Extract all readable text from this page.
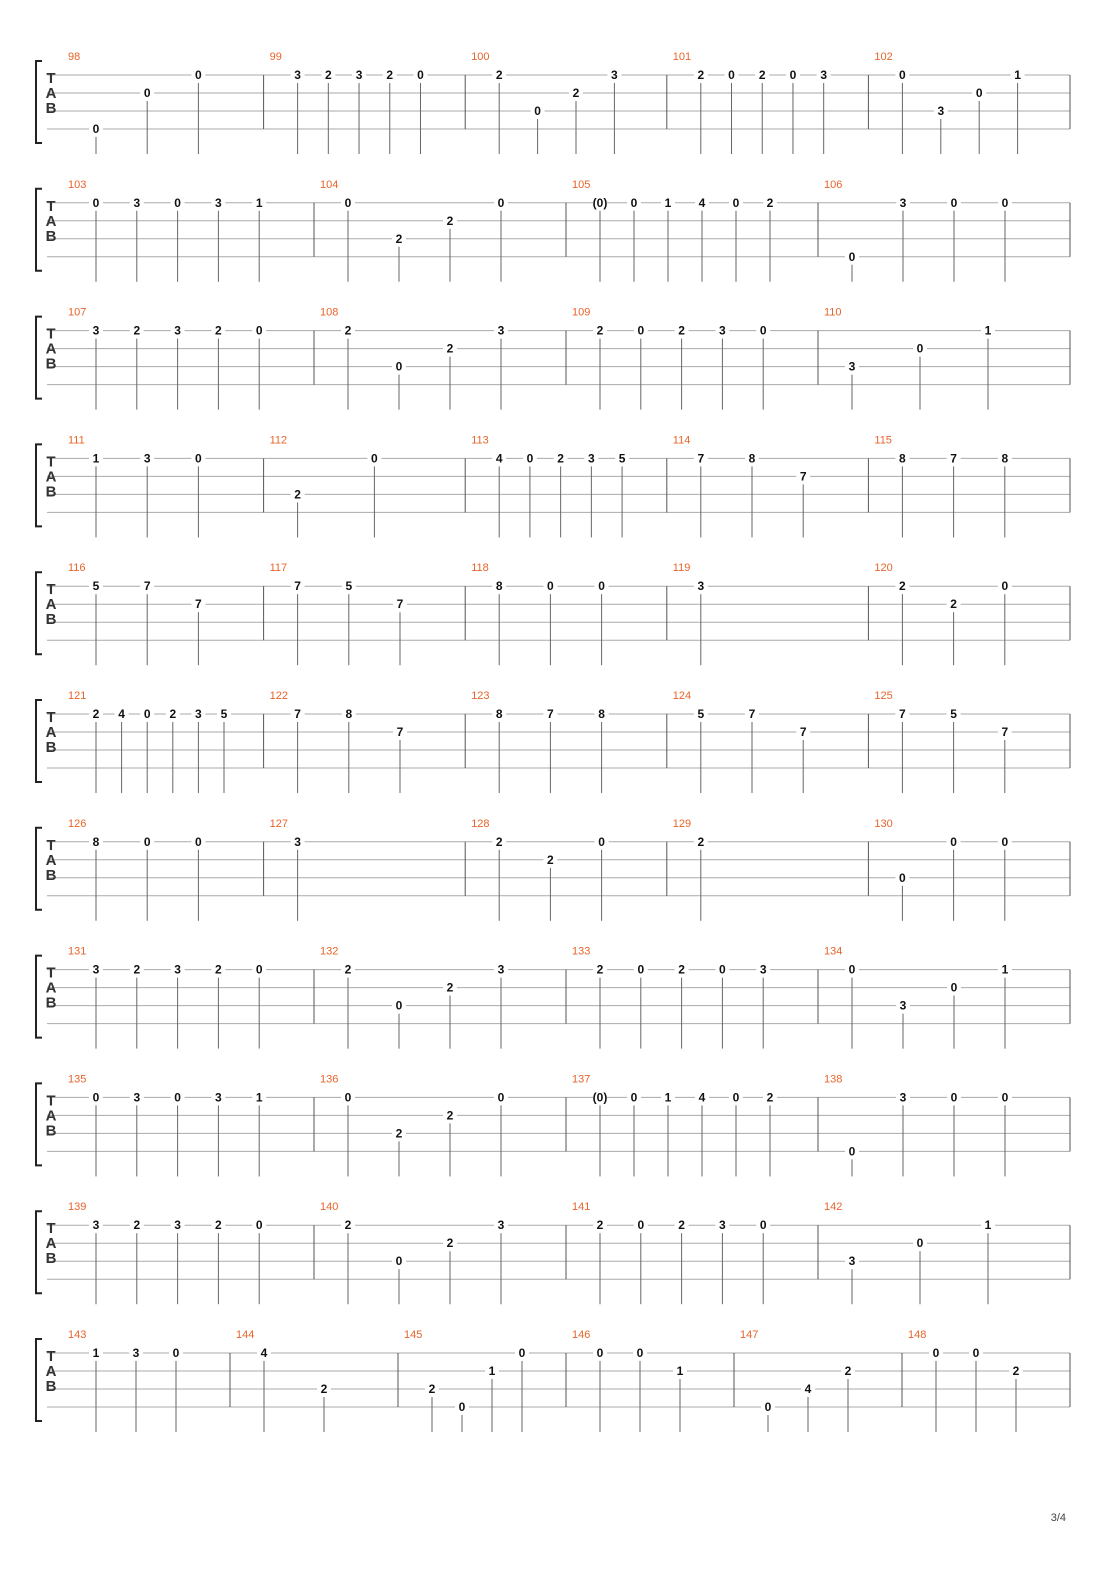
T
A
B
98
0
0
0
99
3 2 3 2 0
100
2
0
2
3
101
2 0 2 0 3
102
0
3
0
1
T
A
B
103
0	3	0	3	1
104
0
2
2
0
105
(0) 0 1 4 0 2
106
0
3	0	0
T
A
B
107
3	2	3	2	0
108
2
0
2
3
109
2	0	2	3	0
110
3
0
1
T
A
B
111
1	3	0
112
2
0
113
4 0 2 3 5
114
7	8
7
115
8	7	8
T
A
B
116
5	7
7
117
7	5
7
118
8	0	0
119
3
120
2
2
0
T
A
B
121
2 4 0 2 3 5
122
7	8
7
123
8	7	8
124
5	7
7
125
7	5
7
T
A
B
126
8	0	0
127
3
128
2
2
0
129
2
130
0
0	0
T
A
B
131
3	2	3	2	0
132
2
0
2
3
133
2	0	2	0	3
134
0
3
0
1
T
A
B
135
0	3	0	3	1
136
0
2
2
0
137
(0) 0 1 4 0 2
138
0
3	0	0
T
A
B
139
3	2	3	2	0
140
2
0
2
3
141
2	0	2	3	0
142
3
0
1
T
A
B
143
1	3	0
144
4
2
145
2
0
1
0
146
0	0
1
147
0
4
2
148
0	0
2
3/4
